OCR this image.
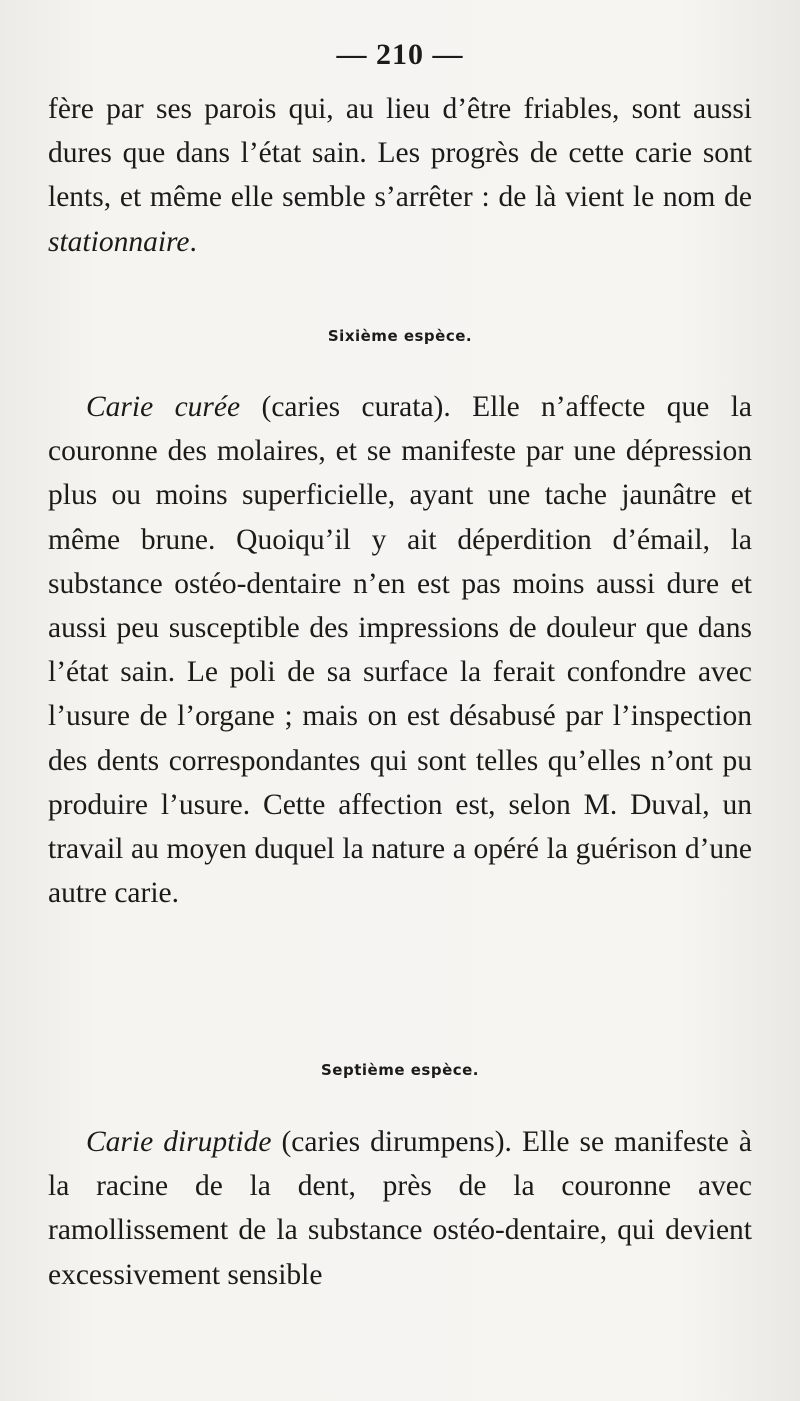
— 210 —

fère par ses parois qui, au lieu d’être friables, sont aussi dures que dans l’état sain. Les progrès de cette carie sont lents, et même elle semble s’arrêter : de là vient le nom de stationnaire.

Sixième espèce.

Carie curée (caries curata). Elle n’affecte que la couronne des molaires, et se manifeste par une dépression plus ou moins superficielle, ayant une tache jaunâtre et même brune. Quoiqu’il y ait déperdition d’émail, la substance ostéo-dentaire n’en est pas moins aussi dure et aussi peu susceptible des impressions de douleur que dans l’état sain. Le poli de sa surface la ferait confondre avec l’usure de l’organe ; mais on est désabusé par l’inspection des dents correspondantes qui sont telles qu’elles n’ont pu produire l’usure. Cette affection est, selon M. Duval, un travail au moyen duquel la nature a opéré la guérison d’une autre carie.

Septième espèce.

Carie diruptide (caries dirumpens). Elle se manifeste à la racine de la dent, près de la couronne avec ramollissement de la substance ostéo-dentaire, qui devient excessivement sensible
